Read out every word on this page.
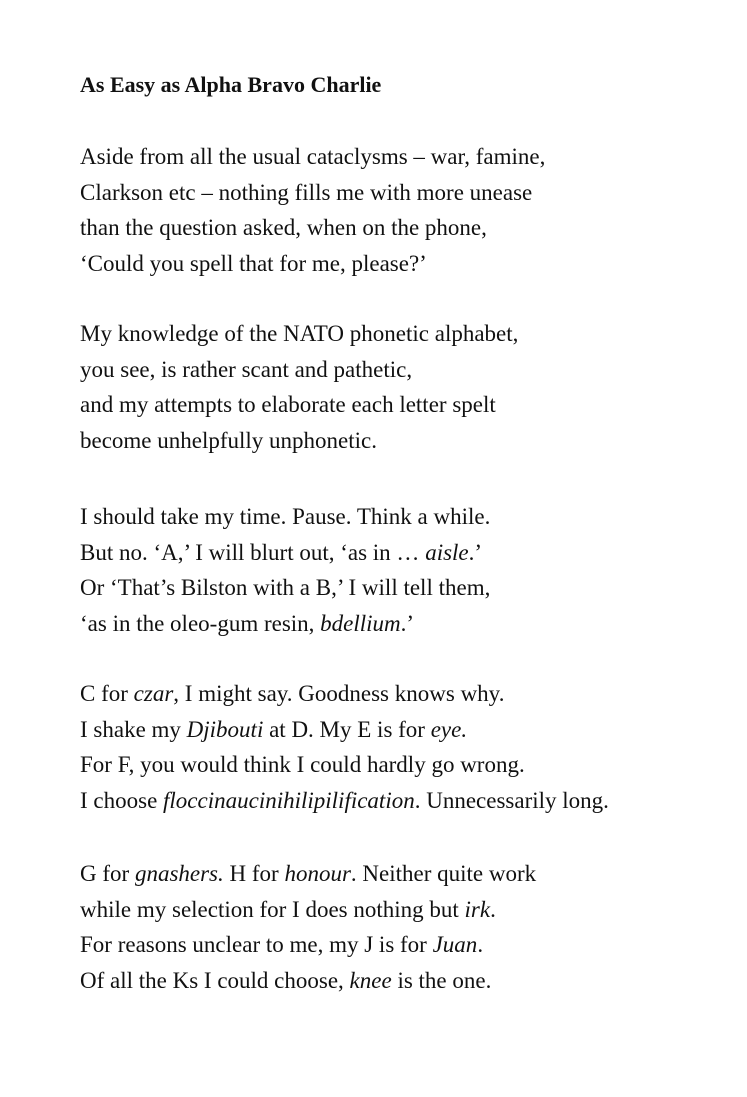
As Easy as Alpha Bravo Charlie
Aside from all the usual cataclysms – war, famine,
Clarkson etc – nothing fills me with more unease
than the question asked, when on the phone,
‘Could you spell that for me, please?’
My knowledge of the NATO phonetic alphabet,
you see, is rather scant and pathetic,
and my attempts to elaborate each letter spelt
become unhelpfully unphonetic.
I should take my time. Pause. Think a while.
But no. ‘A,’ I will blurt out, ‘as in … aisle.’
Or ‘That’s Bilston with a B,’ I will tell them,
‘as in the oleo-gum resin, bdellium.’
C for czar, I might say. Goodness knows why.
I shake my Djibouti at D. My E is for eye.
For F, you would think I could hardly go wrong.
I choose floccinaucinihilipilification. Unnecessarily long.
G for gnashers. H for honour. Neither quite work
while my selection for I does nothing but irk.
For reasons unclear to me, my J is for Juan.
Of all the Ks I could choose, knee is the one.
